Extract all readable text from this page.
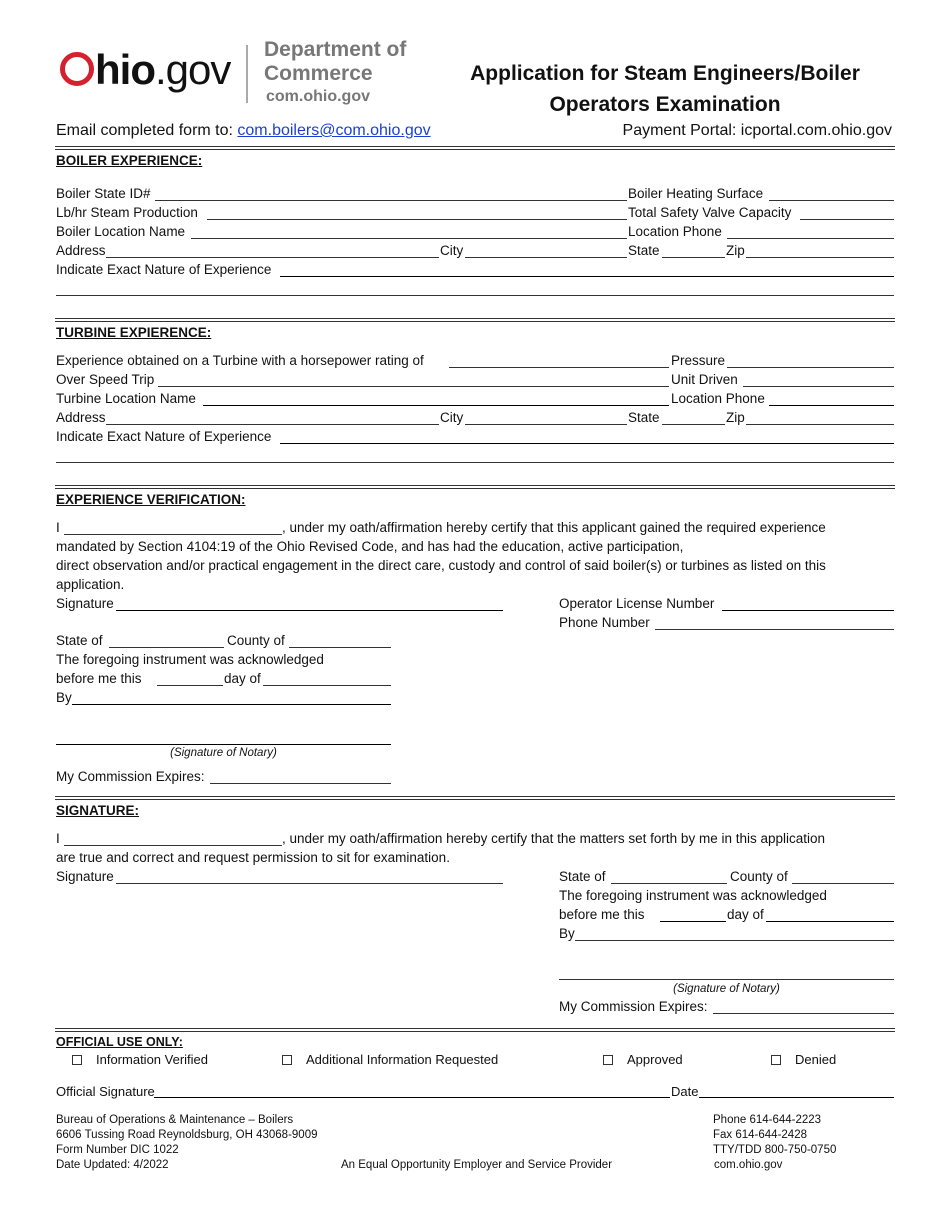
hio.gov Department of
Commerce
com.ohio.gov
Application for Steam Engineers/Boiler
Operators Examination
Email completed form to: com.boilers@com.ohio.gov	Payment Portal: icportal.com.ohio.gov
BOILER EXPERIENCE:
Boiler State ID#	Boiler Heating Surface
Lb/hr Steam Production	Total Safety Valve Capacity
Boiler Location Name	Location Phone
Address	City	State	Zip
Indicate Exact Nature of Experience
TURBINE EXPIERENCE:
Experience obtained on a Turbine with a horsepower rating of	Pressure
Over Speed Trip	Unit Driven
Turbine Location Name	Location Phone
Address	City	State	Zip
Indicate Exact Nature of Experience
EXPERIENCE VERIFICATION:
I	, under my oath/affirmation hereby certify that this applicant gained the required experience
mandated by Section 4104:19 of the Ohio Revised Code, and has had the education, active participation,
direct observation and/or practical engagement in the direct care, custody and control of said boiler(s) or turbines as listed on this
application.
Signature	Operator License Number
Phone Number
State of	County of
The foregoing instrument was acknowledged
before me this	day of
By
(Signature of Notary)
My Commission Expires:
SIGNATURE:
I	, under my oath/affirmation hereby certify that the matters set forth by me in this application
are true and correct and request permission to sit for examination.
Signature	State of	County of
The foregoing instrument was acknowledged
before me this	day of
By
(Signature of Notary)
My Commission Expires:
OFFICIAL USE ONLY:
Information Verified	Additional Information Requested	Approved	Denied
Official Signature	Date
Bureau of Operations & Maintenance – Boilers
6606 Tussing Road Reynoldsburg, OH 43068-9009
Form Number DIC 1022
Date Updated: 4/2022	An Equal Opportunity Employer and Service Provider
Phone 614-644-2223
Fax 614-644-2428
TTY/TDD 800-750-0750
com.ohio.gov
